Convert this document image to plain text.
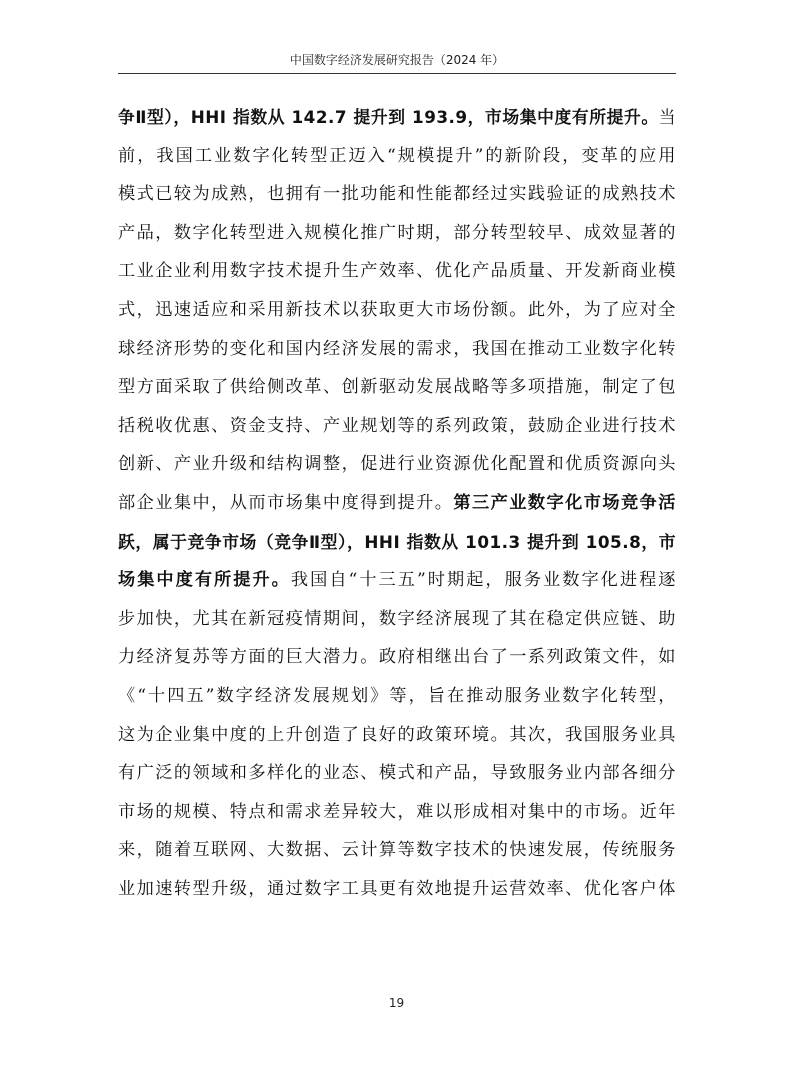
中国数字经济发展研究报告（2024 年）
争Ⅱ型），HHI 指数从 142.7 提升到 193.9，市场集中度有所提升。当
前，我国工业数字化转型正迈入“规模提升”的新阶段，变革的应用
模式已较为成熟，也拥有一批功能和性能都经过实践验证的成熟技术
产品，数字化转型进入规模化推广时期，部分转型较早、成效显著的
工业企业利用数字技术提升生产效率、优化产品质量、开发新商业模
式，迅速适应和采用新技术以获取更大市场份额。此外，为了应对全
球经济形势的变化和国内经济发展的需求，我国在推动工业数字化转
型方面采取了供给侧改革、创新驱动发展战略等多项措施，制定了包
括税收优惠、资金支持、产业规划等的系列政策，鼓励企业进行技术
创新、产业升级和结构调整，促进行业资源优化配置和优质资源向头
部企业集中，从而市场集中度得到提升。第三产业数字化市场竞争活
跃，属于竞争市场（竞争Ⅱ型），HHI 指数从 101.3 提升到 105.8，市
场集中度有所提升。我国自“十三五”时期起，服务业数字化进程逐
步加快，尤其在新冠疫情期间，数字经济展现了其在稳定供应链、助
力经济复苏等方面的巨大潜力。政府相继出台了一系列政策文件，如
《“十四五”数字经济发展规划》等，旨在推动服务业数字化转型，
这为企业集中度的上升创造了良好的政策环境。其次，我国服务业具
有广泛的领域和多样化的业态、模式和产品，导致服务业内部各细分
市场的规模、特点和需求差异较大，难以形成相对集中的市场。近年
来，随着互联网、大数据、云计算等数字技术的快速发展，传统服务
业加速转型升级，通过数字工具更有效地提升运营效率、优化客户体
19
